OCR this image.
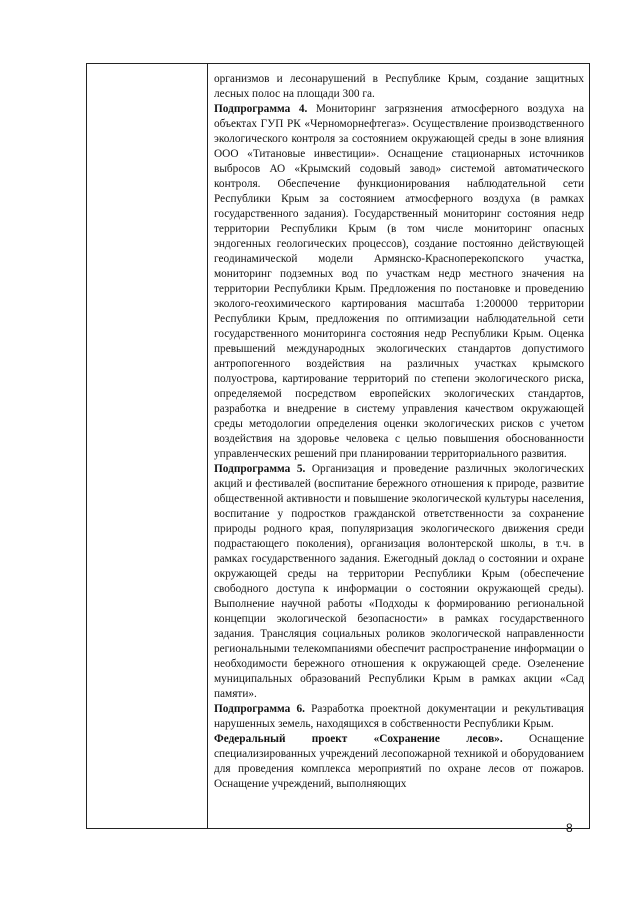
организмов и лесонарушений в Республике Крым, создание защитных лесных полос на площади 300 га.

Подпрограмма 4. Мониторинг загрязнения атмосферного воздуха на объектах ГУП РК «Черноморнефтегаз». Осуществление производственного экологического контроля за состоянием окружающей среды в зоне влияния ООО «Титановые инвестиции». Оснащение стационарных источников выбросов АО «Крымский содовый завод» системой автоматического контроля. Обеспечение функционирования наблюдательной сети Республики Крым за состоянием атмосферного воздуха (в рамках государственного задания). Государственный мониторинг состояния недр территории Республики Крым (в том числе мониторинг опасных эндогенных геологических процессов), создание постоянно действующей геодинамической модели Армянско-Красноперекопского участка, мониторинг подземных вод по участкам недр местного значения на территории Республики Крым. Предложения по постановке и проведению эколого-геохимического картирования масштаба 1:200000 территории Республики Крым, предложения по оптимизации наблюдательной сети государственного мониторинга состояния недр Республики Крым. Оценка превышений международных экологических стандартов допустимого антропогенного воздействия на различных участках крымского полуострова, картирование территорий по степени экологического риска, определяемой посредством европейских экологических стандартов, разработка и внедрение в систему управления качеством окружающей среды методологии определения оценки экологических рисков с учетом воздействия на здоровье человека с целью повышения обоснованности управленческих решений при планировании территориального развития.

Подпрограмма 5. Организация и проведение различных экологических акций и фестивалей (воспитание бережного отношения к природе, развитие общественной активности и повышение экологической культуры населения, воспитание у подростков гражданской ответственности за сохранение природы родного края, популяризация экологического движения среди подрастающего поколения), организация волонтерской школы, в т.ч. в рамках государственного задания. Ежегодный доклад о состоянии и охране окружающей среды на территории Республики Крым (обеспечение свободного доступа к информации о состоянии окружающей среды). Выполнение научной работы «Подходы к формированию региональной концепции экологической безопасности» в рамках государственного задания. Трансляция социальных роликов экологической направленности региональными телекомпаниями обеспечит распространение информации о необходимости бережного отношения к окружающей среде. Озеленение муниципальных образований Республики Крым в рамках акции «Сад памяти».

Подпрограмма 6. Разработка проектной документации и рекультивация нарушенных земель, находящихся в собственности Республики Крым.

Федеральный проект «Сохранение лесов». Оснащение специализированных учреждений лесопожарной техникой и оборудованием для проведения комплекса мероприятий по охране лесов от пожаров. Оснащение учреждений, выполняющих

8
